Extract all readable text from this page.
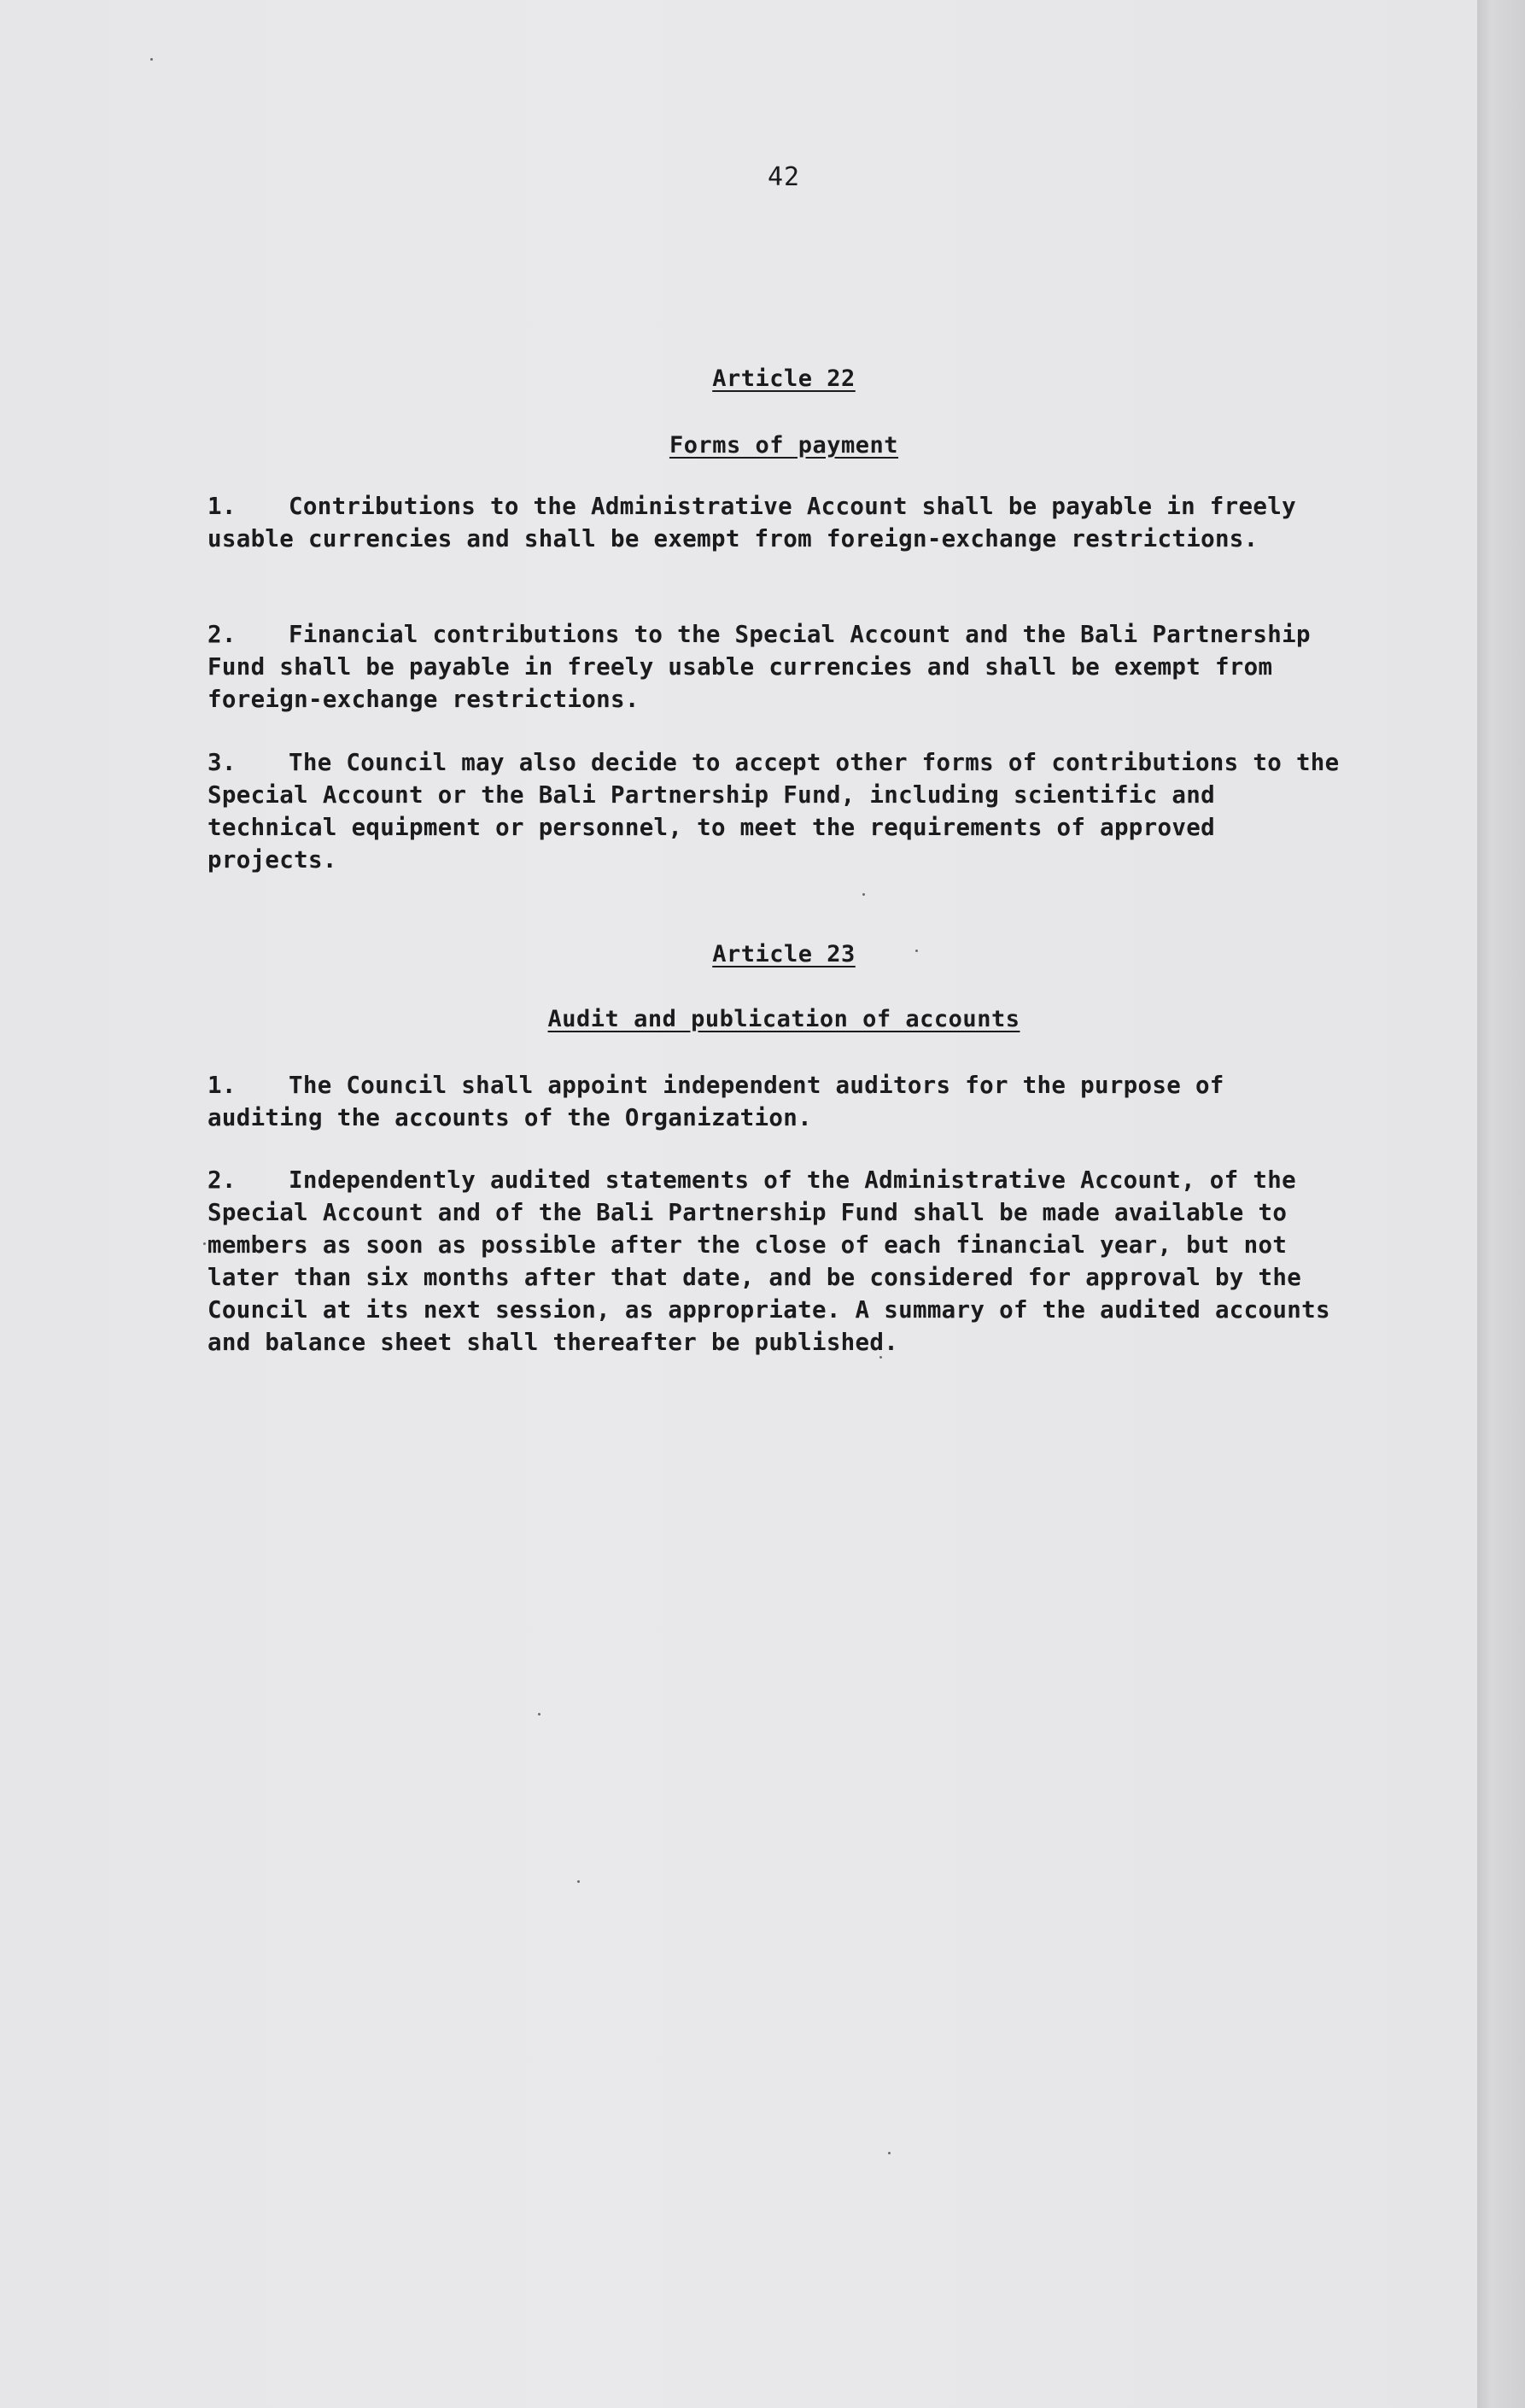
42
Article 22
Forms of payment
1. Contributions to the Administrative Account shall be payable in freely usable currencies and shall be exempt from foreign-exchange restrictions.
2. Financial contributions to the Special Account and the Bali Partnership Fund shall be payable in freely usable currencies and shall be exempt from foreign-exchange restrictions.
3. The Council may also decide to accept other forms of contributions to the Special Account or the Bali Partnership Fund, including scientific and technical equipment or personnel, to meet the requirements of approved projects.
Article 23
Audit and publication of accounts
1. The Council shall appoint independent auditors for the purpose of auditing the accounts of the Organization.
2. Independently audited statements of the Administrative Account, of the Special Account and of the Bali Partnership Fund shall be made available to members as soon as possible after the close of each financial year, but not later than six months after that date, and be considered for approval by the Council at its next session, as appropriate. A summary of the audited accounts and balance sheet shall thereafter be published.
